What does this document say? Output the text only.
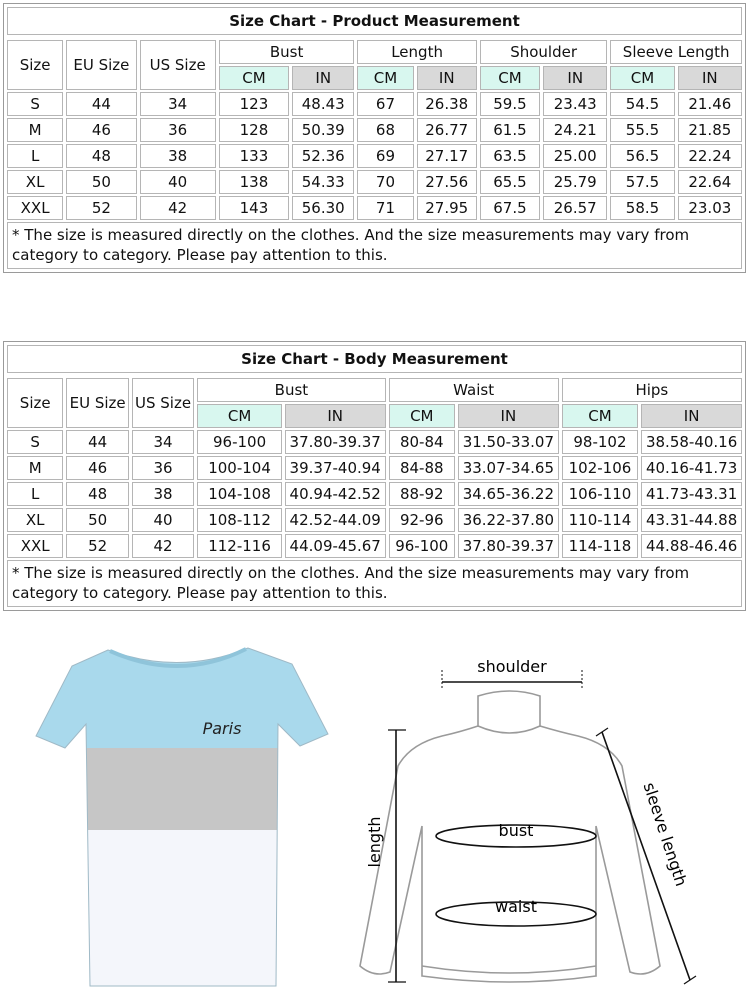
Size Chart - Product Measurement
Size	EU Size	US Size	Bust		Length		Shoulder		Sleeve Length	
			CM	IN	CM	IN	CM	IN	CM	IN
S	44	34	123	48.43	67	26.38	59.5	23.43	54.5	21.46
M	46	36	128	50.39	68	26.77	61.5	24.21	55.5	21.85
L	48	38	133	52.36	69	27.17	63.5	25.00	56.5	22.24
XL	50	40	138	54.33	70	27.56	65.5	25.79	57.5	22.64
XXL	52	42	143	56.30	71	27.95	67.5	26.57	58.5	23.03
* The size is measured directly on the clothes. And the size measurements may vary from category to category. Please pay attention to this.
Size Chart - Body Measurement
Size	EU Size	US Size	Bust		Waist		Hips	
			CM	IN	CM	IN	CM	IN
S	44	34	96-100	37.80-39.37	80-84	31.50-33.07	98-102	38.58-40.16
M	46	36	100-104	39.37-40.94	84-88	33.07-34.65	102-106	40.16-41.73
L	48	38	104-108	40.94-42.52	88-92	34.65-36.22	106-110	41.73-43.31
XL	50	40	108-112	42.52-44.09	92-96	36.22-37.80	110-114	43.31-44.88
XXL	52	42	112-116	44.09-45.67	96-100	37.80-39.37	114-118	44.88-46.46
* The size is measured directly on the clothes. And the size measurements may vary from category to category. Please pay attention to this.
Paris
shoulder
bust
waist
length	sleeve length
